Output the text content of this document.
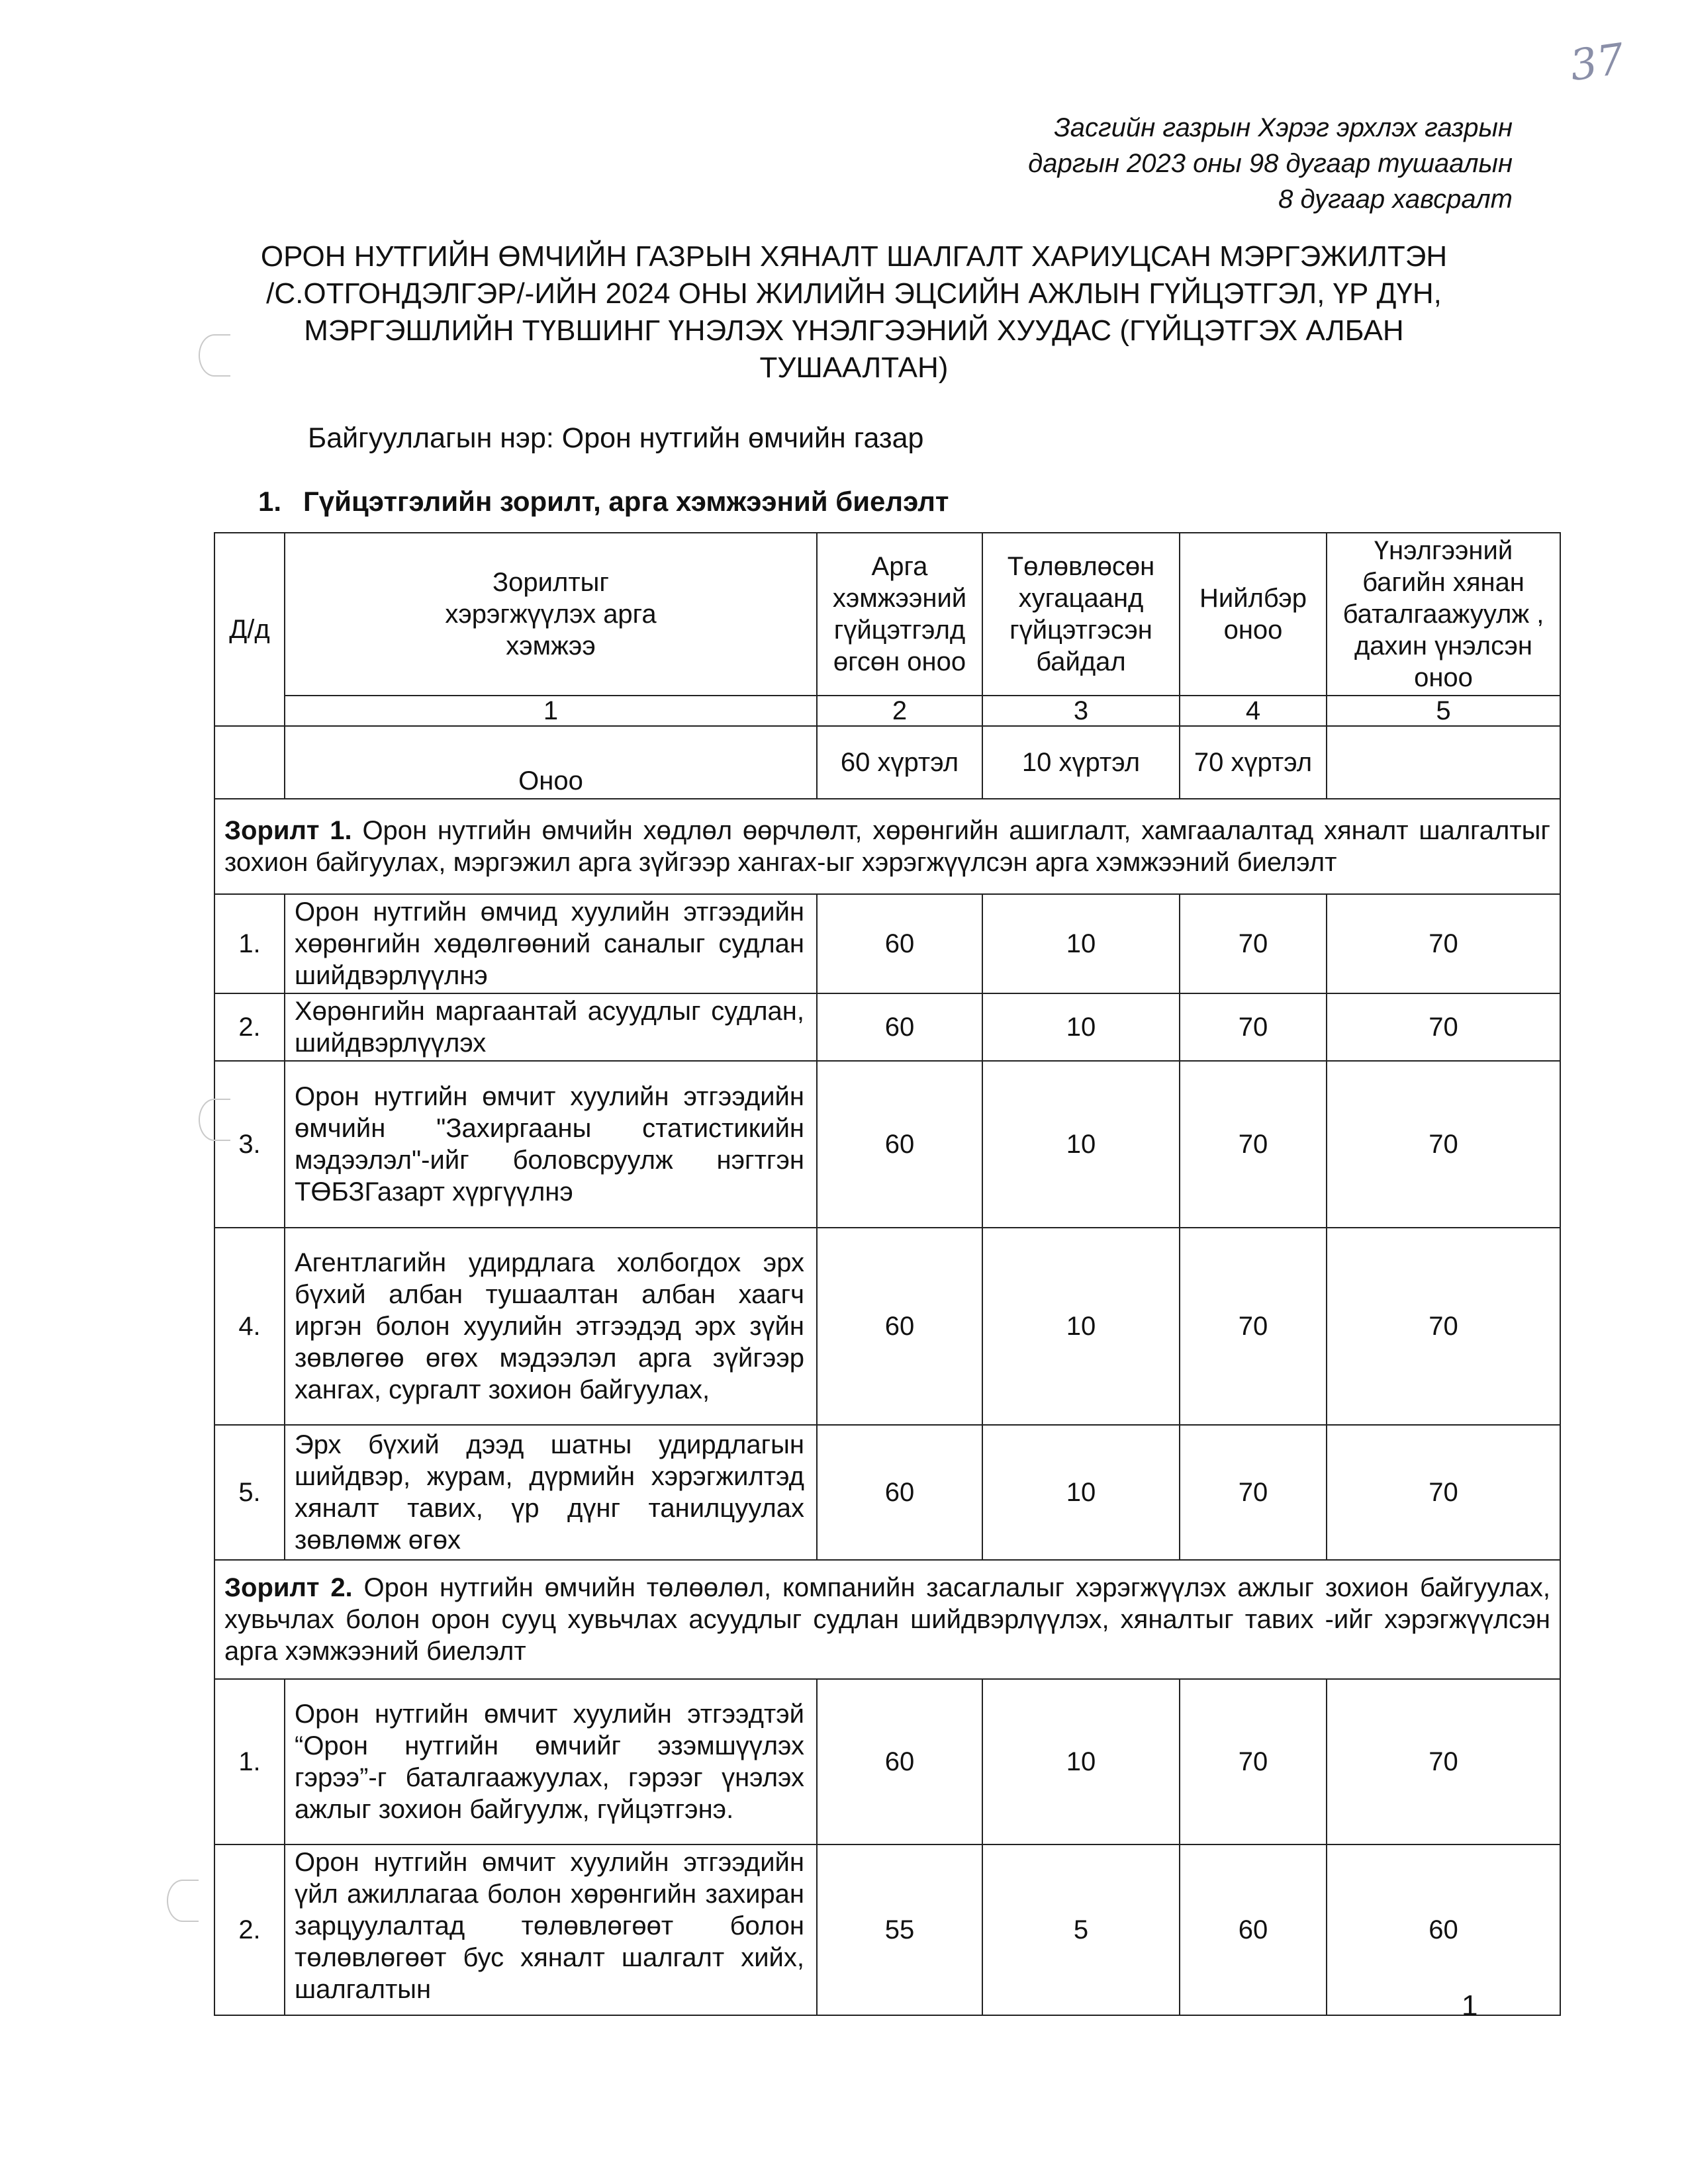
37
Засгийн газрын Хэрэг эрхлэх газрын
даргын 2023 оны 98 дугаар тушаалын
8 дугаар хавсралт
ОРОН НУТГИЙН ӨМЧИЙН ГАЗРЫН ХЯНАЛТ ШАЛГАЛТ ХАРИУЦСАН МЭРГЭЖИЛТЭН
/С.ОТГОНДЭЛГЭР/-ИЙН 2024 ОНЫ ЖИЛИЙН ЭЦСИЙН АЖЛЫН ГҮЙЦЭТГЭЛ, ҮР ДҮН,
МЭРГЭШЛИЙН ТҮВШИНГ ҮНЭЛЭХ ҮНЭЛГЭЭНИЙ ХУУДАС (ГҮЙЦЭТГЭХ АЛБАН
ТУШААЛТАН)
Байгууллагын нэр: Орон нутгийн өмчийн газар
1. Гүйцэтгэлийн зорилт, арга хэмжээний биелэлт
Д/д	Зорилтыг хэрэгжүүлэх арга хэмжээ	Арга хэмжээний гүйцэтгэлд өгсөн оноо	Төлөвлөсөн хугацаанд гүйцэтгэсэн байдал	Нийлбэр оноо	Үнэлгээний багийн хянан баталгаажуулж , дахин үнэлсэн оноо
	1	2	3	4	5
	Оноо	60 хүртэл	10 хүртэл	70 хүртэл	
Зорилт 1. Орон нутгийн өмчийн хөдлөл өөрчлөлт, хөрөнгийн ашиглалт, хамгаалалтад хяналт шалгалтыг зохион байгуулах, мэргэжил арга зүйгээр хангах-ыг хэрэгжүүлсэн арга хэмжээний биелэлт					
1.	Орон нутгийн өмчид хуулийн этгээдийн хөрөнгийн хөдөлгөөний саналыг судлан шийдвэрлүүлнэ	60	10	70	70
2.	Хөрөнгийн маргаантай асуудлыг судлан, шийдвэрлүүлэх	60	10	70	70
3.	Орон нутгийн өмчит хуулийн этгээдийн өмчийн "Захиргааны статистикийн мэдээлэл"-ийг боловсруулж нэгтгэн ТӨБЗГазарт хүргүүлнэ	60	10	70	70
4.	Агентлагийн удирдлага холбогдох эрх бүхий албан тушаалтан албан хаагч иргэн болон хуулийн этгээдэд эрх зүйн зөвлөгөө өгөх мэдээлэл арга зүйгээр хангах, сургалт зохион байгуулах,	60	10	70	70
5.	Эрх бүхий дээд шатны удирдлагын шийдвэр, журам, дүрмийн хэрэгжилтэд хяналт тавих, үр дүнг танилцуулах зөвлөмж өгөх	60	10	70	70
Зорилт 2. Орон нутгийн өмчийн төлөөлөл, компанийн засаглалыг хэрэгжүүлэх ажлыг зохион байгуулах, хувьчлах болон орон сууц хувьчлах асуудлыг судлан шийдвэрлүүлэх, хяналтыг тавих -ийг хэрэгжүүлсэн арга хэмжээний биелэлт					
1.	Орон нутгийн өмчит хуулийн этгээдтэй “Орон нутгийн өмчийг эзэмшүүлэх гэрээ”-г баталгаажуулах, гэрээг үнэлэх ажлыг зохион байгуулж, гүйцэтгэнэ.	60	10	70	70
2.	Орон нутгийн өмчит хуулийн этгээдийн үйл ажиллагаа болон хөрөнгийн захиран зарцуулалтад төлөвлөгөөт болон төлөвлөгөөт бус хяналт шалгалт хийх, шалгалтын	55	5	60	60
1
